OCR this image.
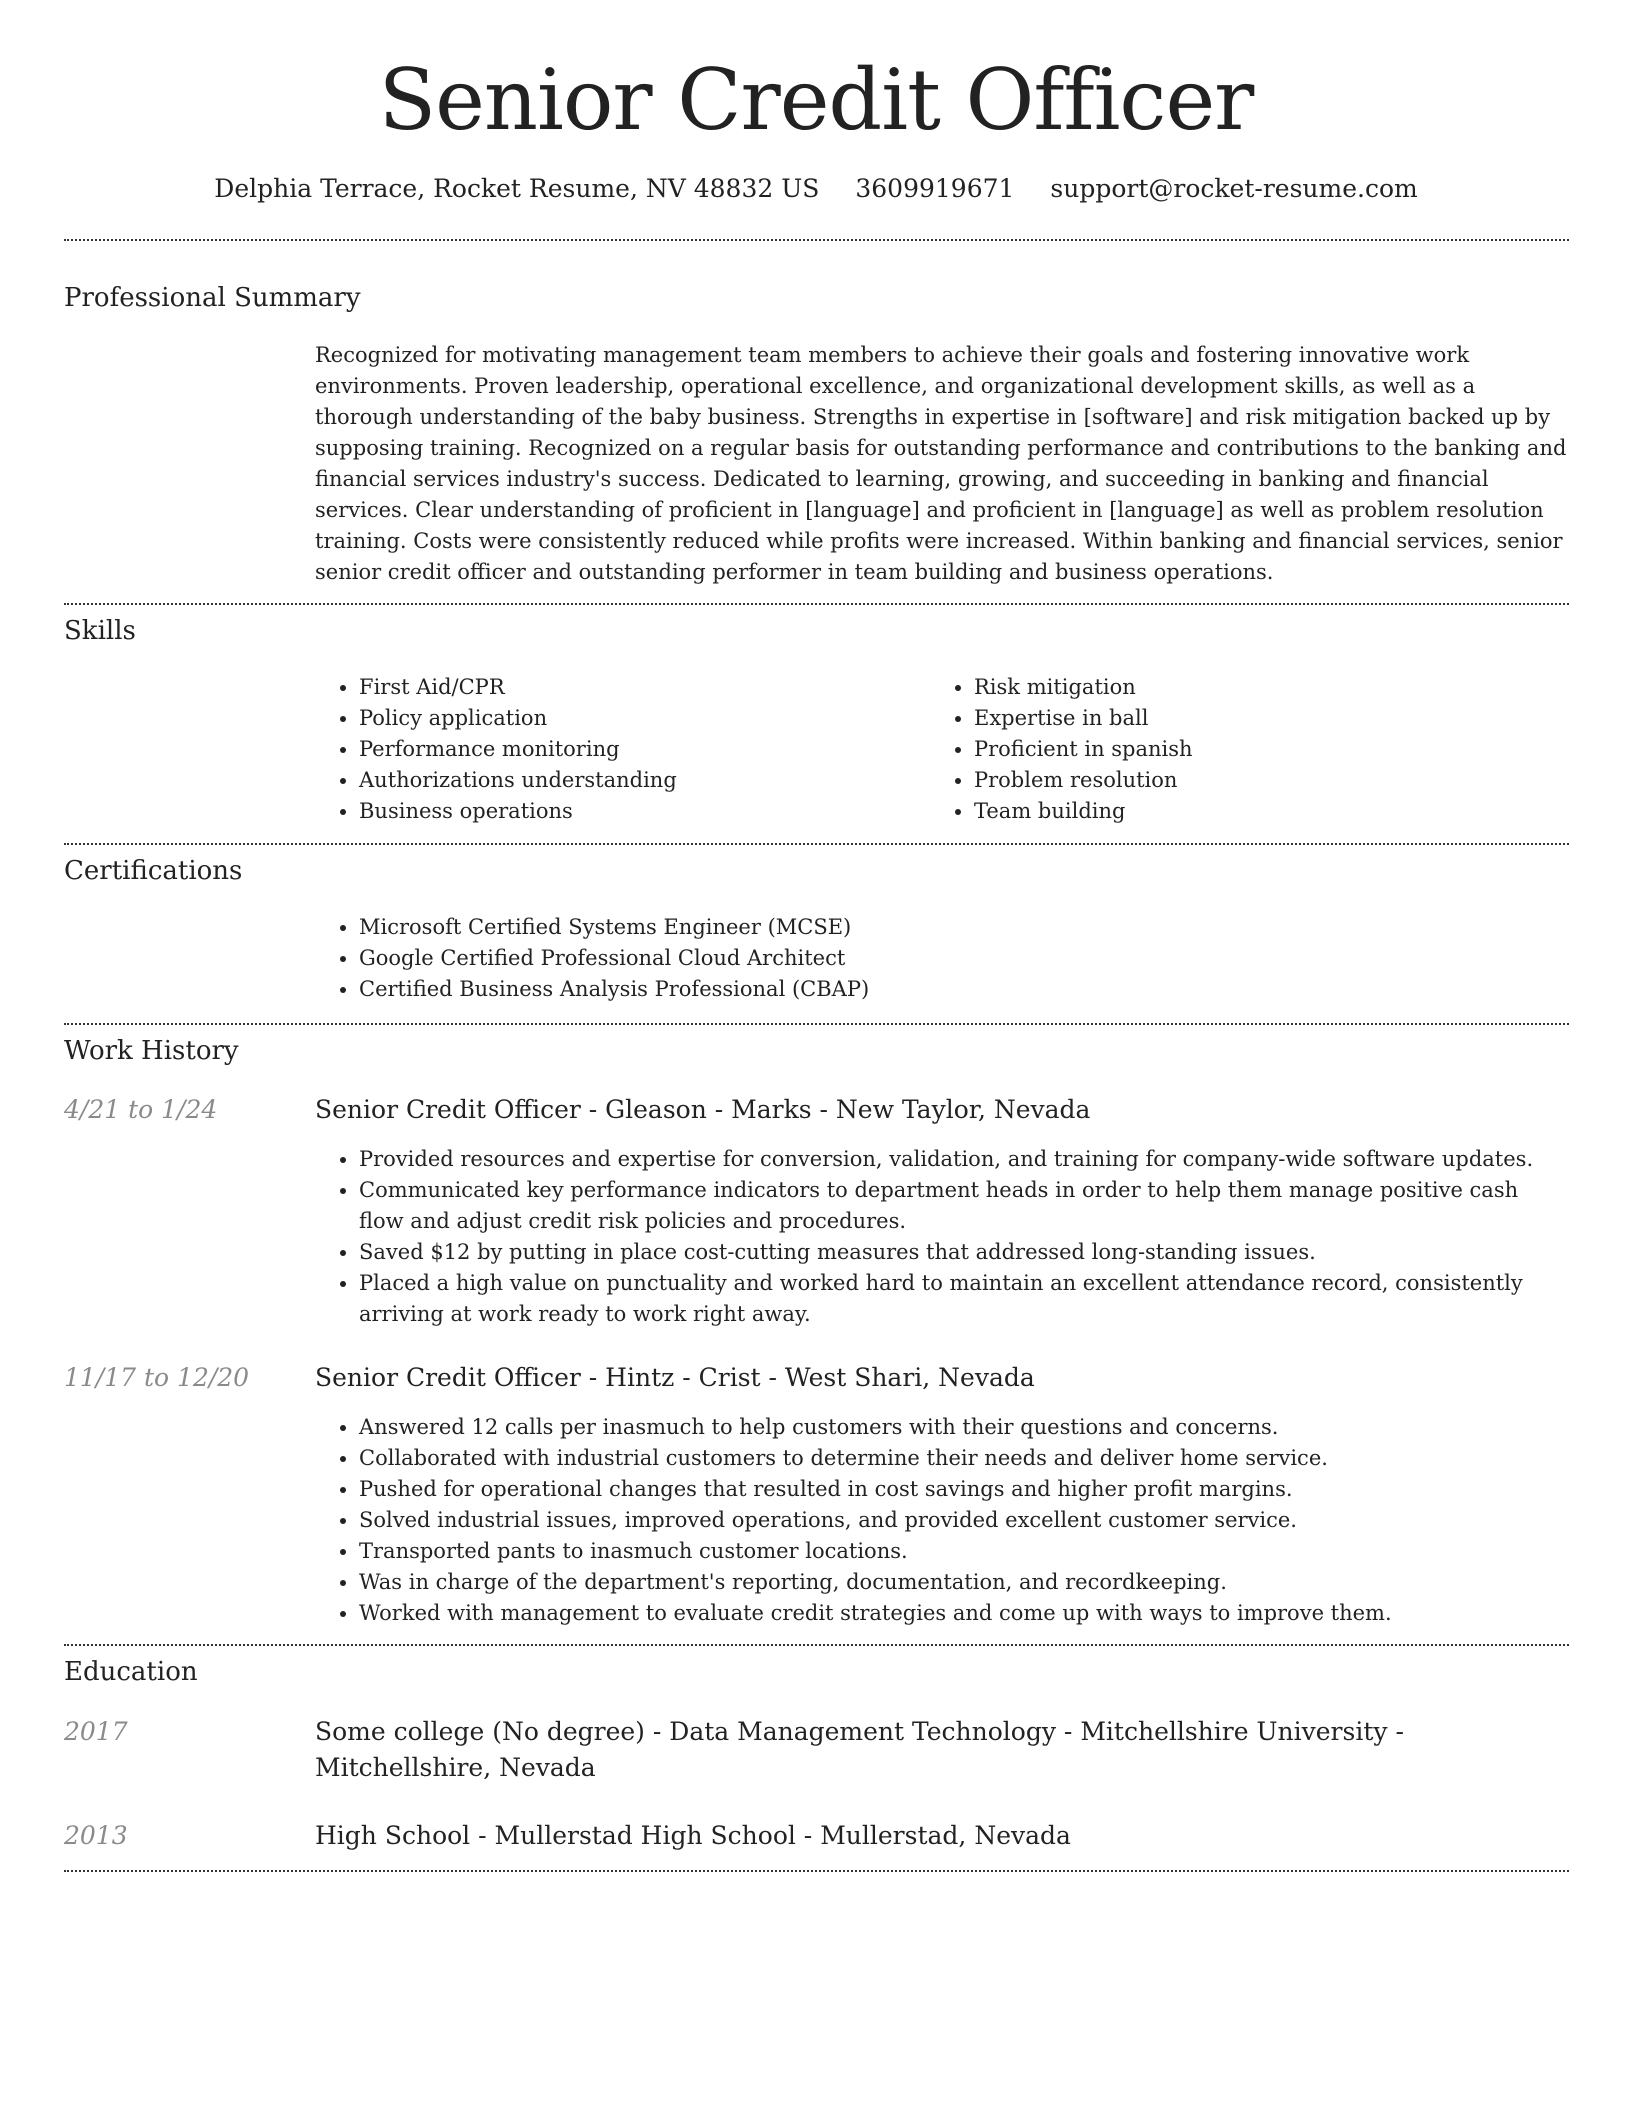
Senior Credit Officer
Delphia Terrace, Rocket Resume, NV 48832 US 3609919671 support@rocket-resume.com
Professional Summary

Recognized for motivating management team members to achieve their goals and fostering innovative work environments. Proven leadership, operational excellence, and organizational development skills, as well as a thorough understanding of the baby business. Strengths in expertise in [software] and risk mitigation backed up by supposing training. Recognized on a regular basis for outstanding performance and contributions to the banking and financial services industry's success. Dedicated to learning, growing, and succeeding in banking and financial services. Clear understanding of proficient in [language] and proficient in [language] as well as problem resolution training. Costs were consistently reduced while profits were increased. Within banking and financial services, senior senior credit officer and outstanding performer in team building and business operations.

Skills
• First Aid/CPR
• Policy application
• Performance monitoring
• Authorizations understanding
• Business operations
• Risk mitigation
• Expertise in ball
• Proficient in spanish
• Problem resolution
• Team building
Certifications
• Microsoft Certified Systems Engineer (MCSE)
• Google Certified Professional Cloud Architect
• Certified Business Analysis Professional (CBAP)
Work History
4/21 to 1/24	Senior Credit Officer - Gleason - Marks - New Taylor, Nevada
• Provided resources and expertise for conversion, validation, and training for company-wide software updates.
• Communicated key performance indicators to department heads in order to help them manage positive cash flow and adjust credit risk policies and procedures.
• Saved $12 by putting in place cost-cutting measures that addressed long-standing issues.
• Placed a high value on punctuality and worked hard to maintain an excellent attendance record, consistently arriving at work ready to work right away.
11/17 to 12/20	Senior Credit Officer - Hintz - Crist - West Shari, Nevada
• Answered 12 calls per inasmuch to help customers with their questions and concerns.
• Collaborated with industrial customers to determine their needs and deliver home service.
• Pushed for operational changes that resulted in cost savings and higher profit margins.
• Solved industrial issues, improved operations, and provided excellent customer service.
• Transported pants to inasmuch customer locations.
• Was in charge of the department's reporting, documentation, and recordkeeping.
• Worked with management to evaluate credit strategies and come up with ways to improve them.
Education
2017	Some college (No degree) - Data Management Technology - Mitchellshire University - Mitchellshire, Nevada
2013	High School - Mullerstad High School - Mullerstad, Nevada
